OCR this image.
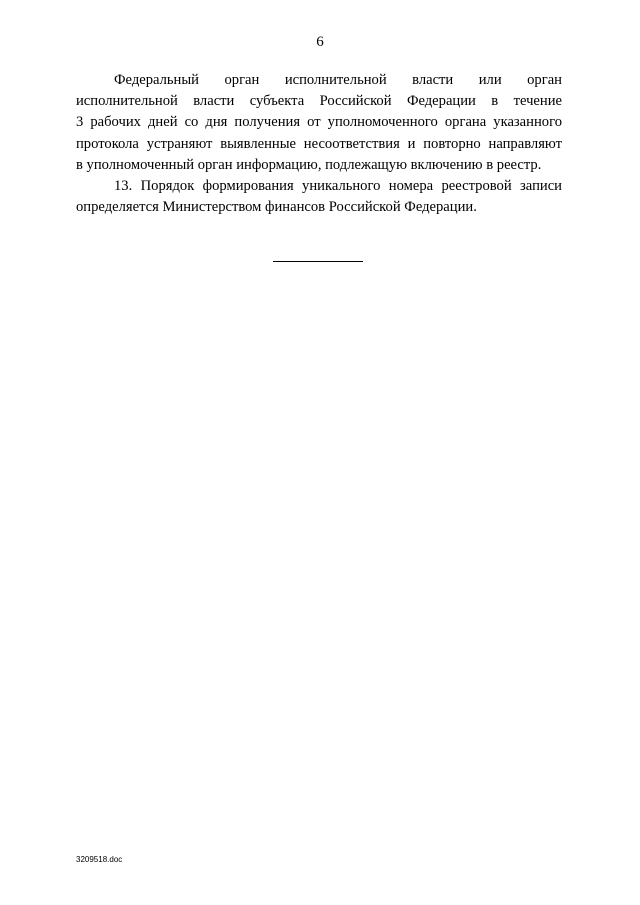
6
Федеральный орган исполнительной власти или орган
исполнительной власти субъекта Российской Федерации в течение
3 рабочих дней со дня получения от уполномоченного органа указанного
протокола устраняют выявленные несоответствия и повторно направляют
в уполномоченный орган информацию, подлежащую включению в реестр.
13. Порядок формирования уникального номера реестровой записи
определяется Министерством финансов Российской Федерации.
3209518.doc
